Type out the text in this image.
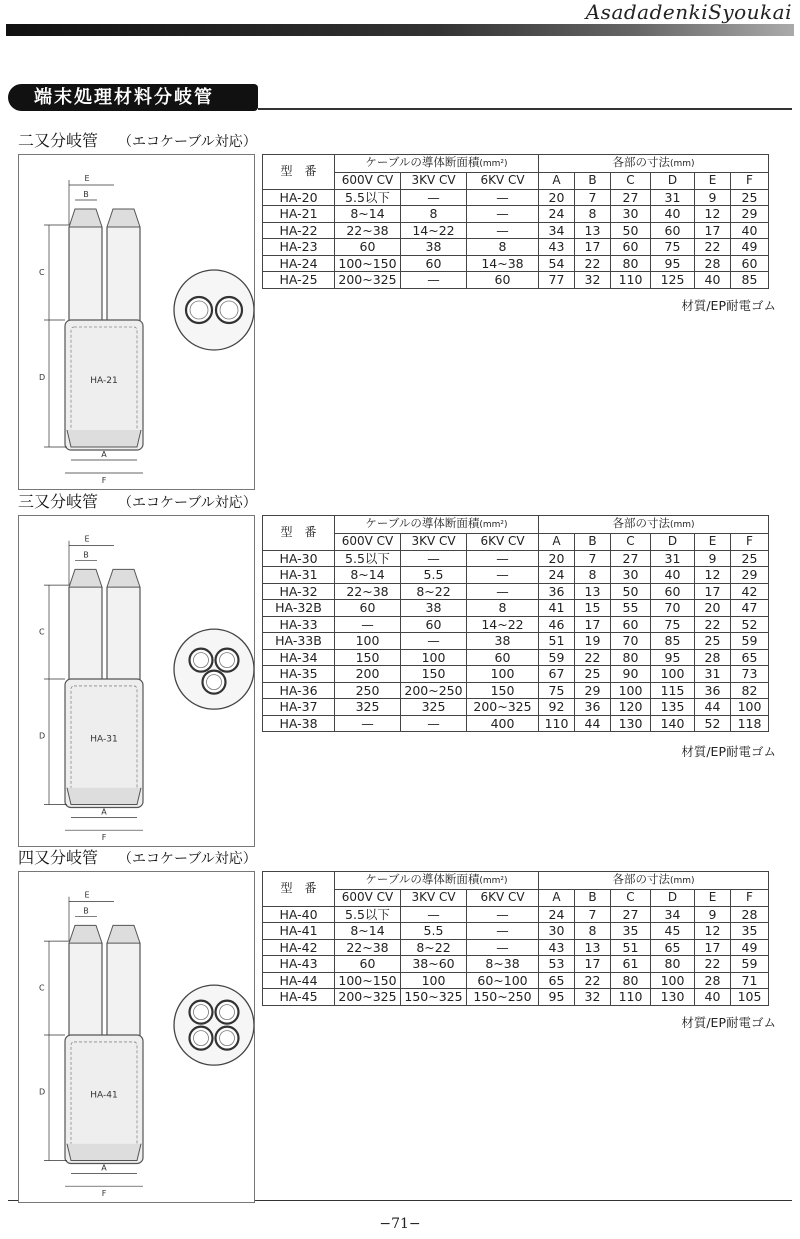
AsadadenkiSyoukai
端末処理材料分岐管
−71−
二又分岐管 （エコケーブル対応）
HA-21
C
D
A
F
E
B
型　番	ケーブルの導体断面積(mm²)			各部の寸法(mm)					
	600V CV	3KV CV	6KV CV	A	B	C	D	E	F
HA-20	5.5以下	—	—	20	7	27	31	9	25
HA-21	8~14	8	—	24	8	30	40	12	29
HA-22	22~38	14~22	—	34	13	50	60	17	40
HA-23	60	38	8	43	17	60	75	22	49
HA-24	100~150	60	14~38	54	22	80	95	28	60
HA-25	200~325	—	60	77	32	110	125	40	85
材質/EP耐電ゴム
三又分岐管 （エコケーブル対応）
HA-31
C
D
A
F
E
B
型　番	ケーブルの導体断面積(mm²)			各部の寸法(mm)					
	600V CV	3KV CV	6KV CV	A	B	C	D	E	F
HA-30	5.5以下	—	—	20	7	27	31	9	25
HA-31	8~14	5.5	—	24	8	30	40	12	29
HA-32	22~38	8~22	—	36	13	50	60	17	42
HA-32B	60	38	8	41	15	55	70	20	47
HA-33	—	60	14~22	46	17	60	75	22	52
HA-33B	100	—	38	51	19	70	85	25	59
HA-34	150	100	60	59	22	80	95	28	65
HA-35	200	150	100	67	25	90	100	31	73
HA-36	250	200~250	150	75	29	100	115	36	82
HA-37	325	325	200~325	92	36	120	135	44	100
HA-38	—	—	400	110	44	130	140	52	118
材質/EP耐電ゴム
四又分岐管 （エコケーブル対応）
HA-41
C
D
A
F
E
B
型　番	ケーブルの導体断面積(mm²)			各部の寸法(mm)					
	600V CV	3KV CV	6KV CV	A	B	C	D	E	F
HA-40	5.5以下	—	—	24	7	27	34	9	28
HA-41	8~14	5.5	—	30	8	35	45	12	35
HA-42	22~38	8~22	—	43	13	51	65	17	49
HA-43	60	38~60	8~38	53	17	61	80	22	59
HA-44	100~150	100	60~100	65	22	80	100	28	71
HA-45	200~325	150~325	150~250	95	32	110	130	40	105
材質/EP耐電ゴム
